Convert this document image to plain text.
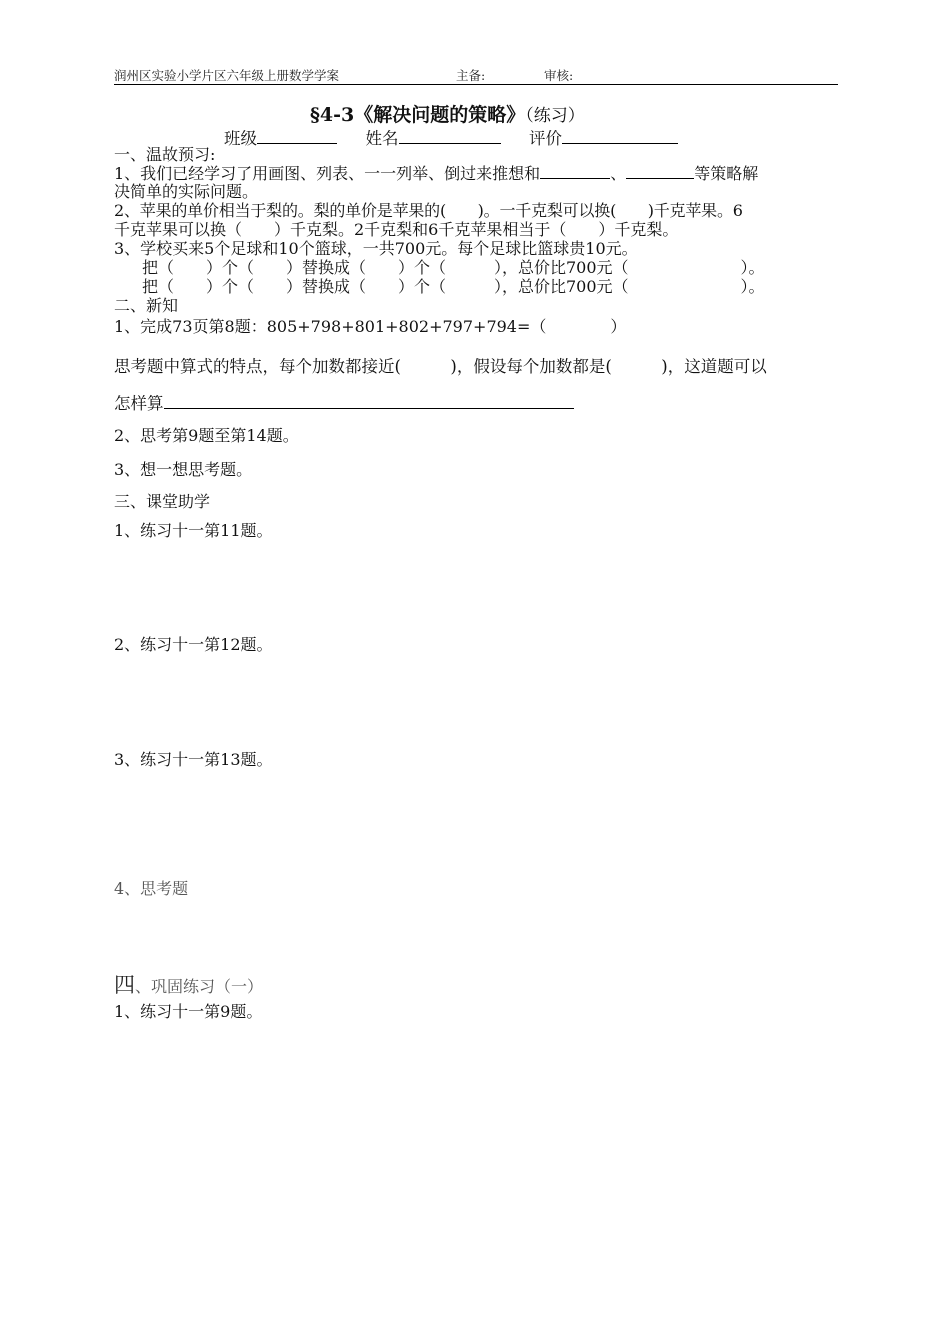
润州区实验小学片区六年级上册数学学案	主备:	审核:
§4-3《解决问题的策略》（练习）
班级	姓名	评价
一、温故预习:
1、我们已经学习了用画图、列表、一一列举、倒过来推想和	、	等策略解
决简单的实际问题。
2、苹果的单价相当于梨的。梨的单价是苹果的(　　)。一千克梨可以换(　　)千克苹果。6
千克苹果可以换（　　）千克梨。2千克梨和6千克苹果相当于（　　）千克梨。
3、学校买来5个足球和10个篮球，一共700元。每个足球比篮球贵10元。
把（　　）个（　　）替换成（　　）个（　　　），总价比700元（　　　　　　　）。
把（　　）个（　　）替换成（　　）个（　　　），总价比700元（　　　　　　　）。
二、新知
1、完成73页第8题：805+798+801+802+797+794=（　　　　）
思考题中算式的特点，每个加数都接近(　　　)，假设每个加数都是(　　　)，这道题可以
怎样算
2、思考第9题至第14题。
3、想一想思考题。
三、课堂助学
1、练习十一第11题。
2、练习十一第12题。
3、练习十一第13题。
4、思考题
四、巩固练习（一）
1、练习十一第9题。
